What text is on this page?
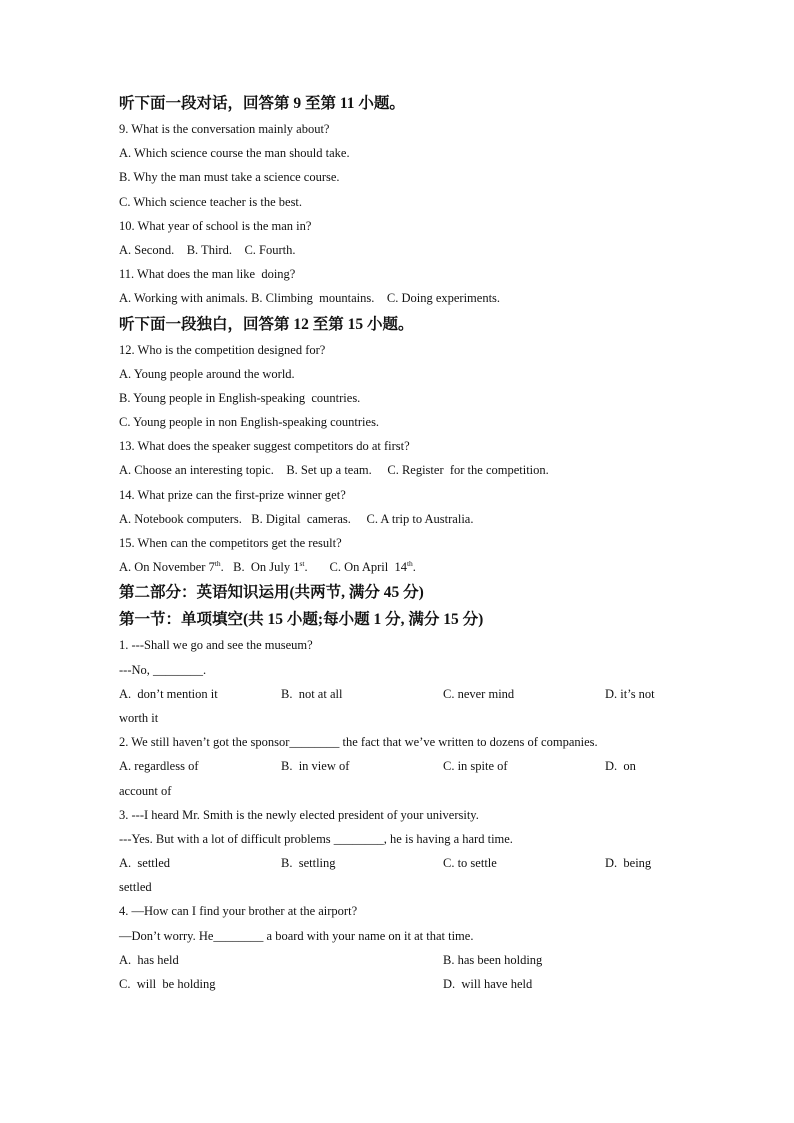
听下面一段对话，回答第 9 至第 11 小题。
9. What is the conversation mainly about?
A. Which science course the man should take.
B. Why the man must take a science course.
C. Which science teacher is the best.
10. What year of school is the man in?
A. Second.    B. Third.    C. Fourth.
11. What does the man like  doing?
A. Working with animals. B. Climbing  mountains.    C. Doing experiments.
听下面一段独白，回答第 12 至第 15 小题。
12. Who is the competition designed for?
A. Young people around the world.
B. Young people in English-speaking  countries.
C. Young people in non English-speaking countries.
13. What does the speaker suggest competitors do at first?
A. Choose an interesting topic.    B. Set up a team.     C. Register  for the competition.
14. What prize can the first-prize winner get?
A. Notebook computers.   B. Digital  cameras.     C. A trip to Australia.
15. When can the competitors get the result?
A. On November 7th.   B.  On July 1st.       C. On April  14th.
第二部分：英语知识运用(共两节, 满分 45 分)
第一节：单项填空(共 15 小题;每小题 1 分, 满分 15 分)
1. ---Shall we go and see the museum?
---No, ________.
A.  don’t mention it	B.  not at all	C. never mind	D. it’s not
worth it
2. We still haven’t got the sponsor________ the fact that we’ve written to dozens of companies.
A. regardless of	B.  in view of	C. in spite of	D.  on
account of
3. ---I heard Mr. Smith is the newly elected president of your university.
---Yes. But with a lot of difficult problems ________, he is having a hard time.
A.  settled	B.  settling	C. to settle	D.  being
settled
4. —How can I find your brother at the airport?
—Don’t worry. He________ a board with your name on it at that time.
A.  has held	B. has been holding
C.  will  be holding	D.  will have held
